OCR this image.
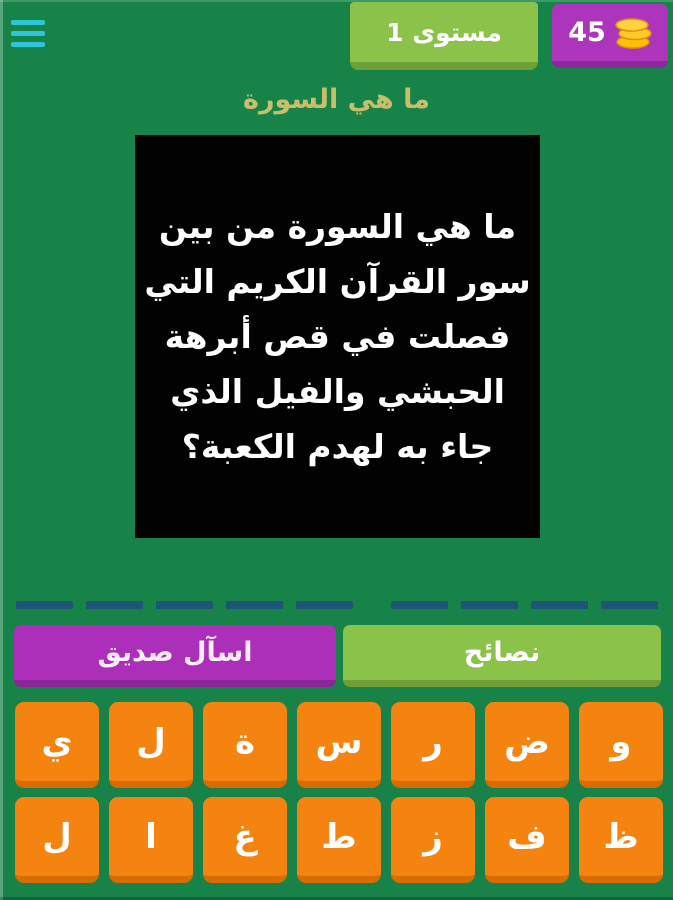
مستوى 1	45
ما هي السورة
ما هي السورة من بين
سور القرآن الكريم التي
فصلت في قص أبرهة
الحبشي والفيل الذي
جاء به لهدم الكعبة؟
اسآل صديق	نصائح
ي	ل	ة	س	ر	ض	و
ل	ا	غ	ط	ز	ف	ظ
